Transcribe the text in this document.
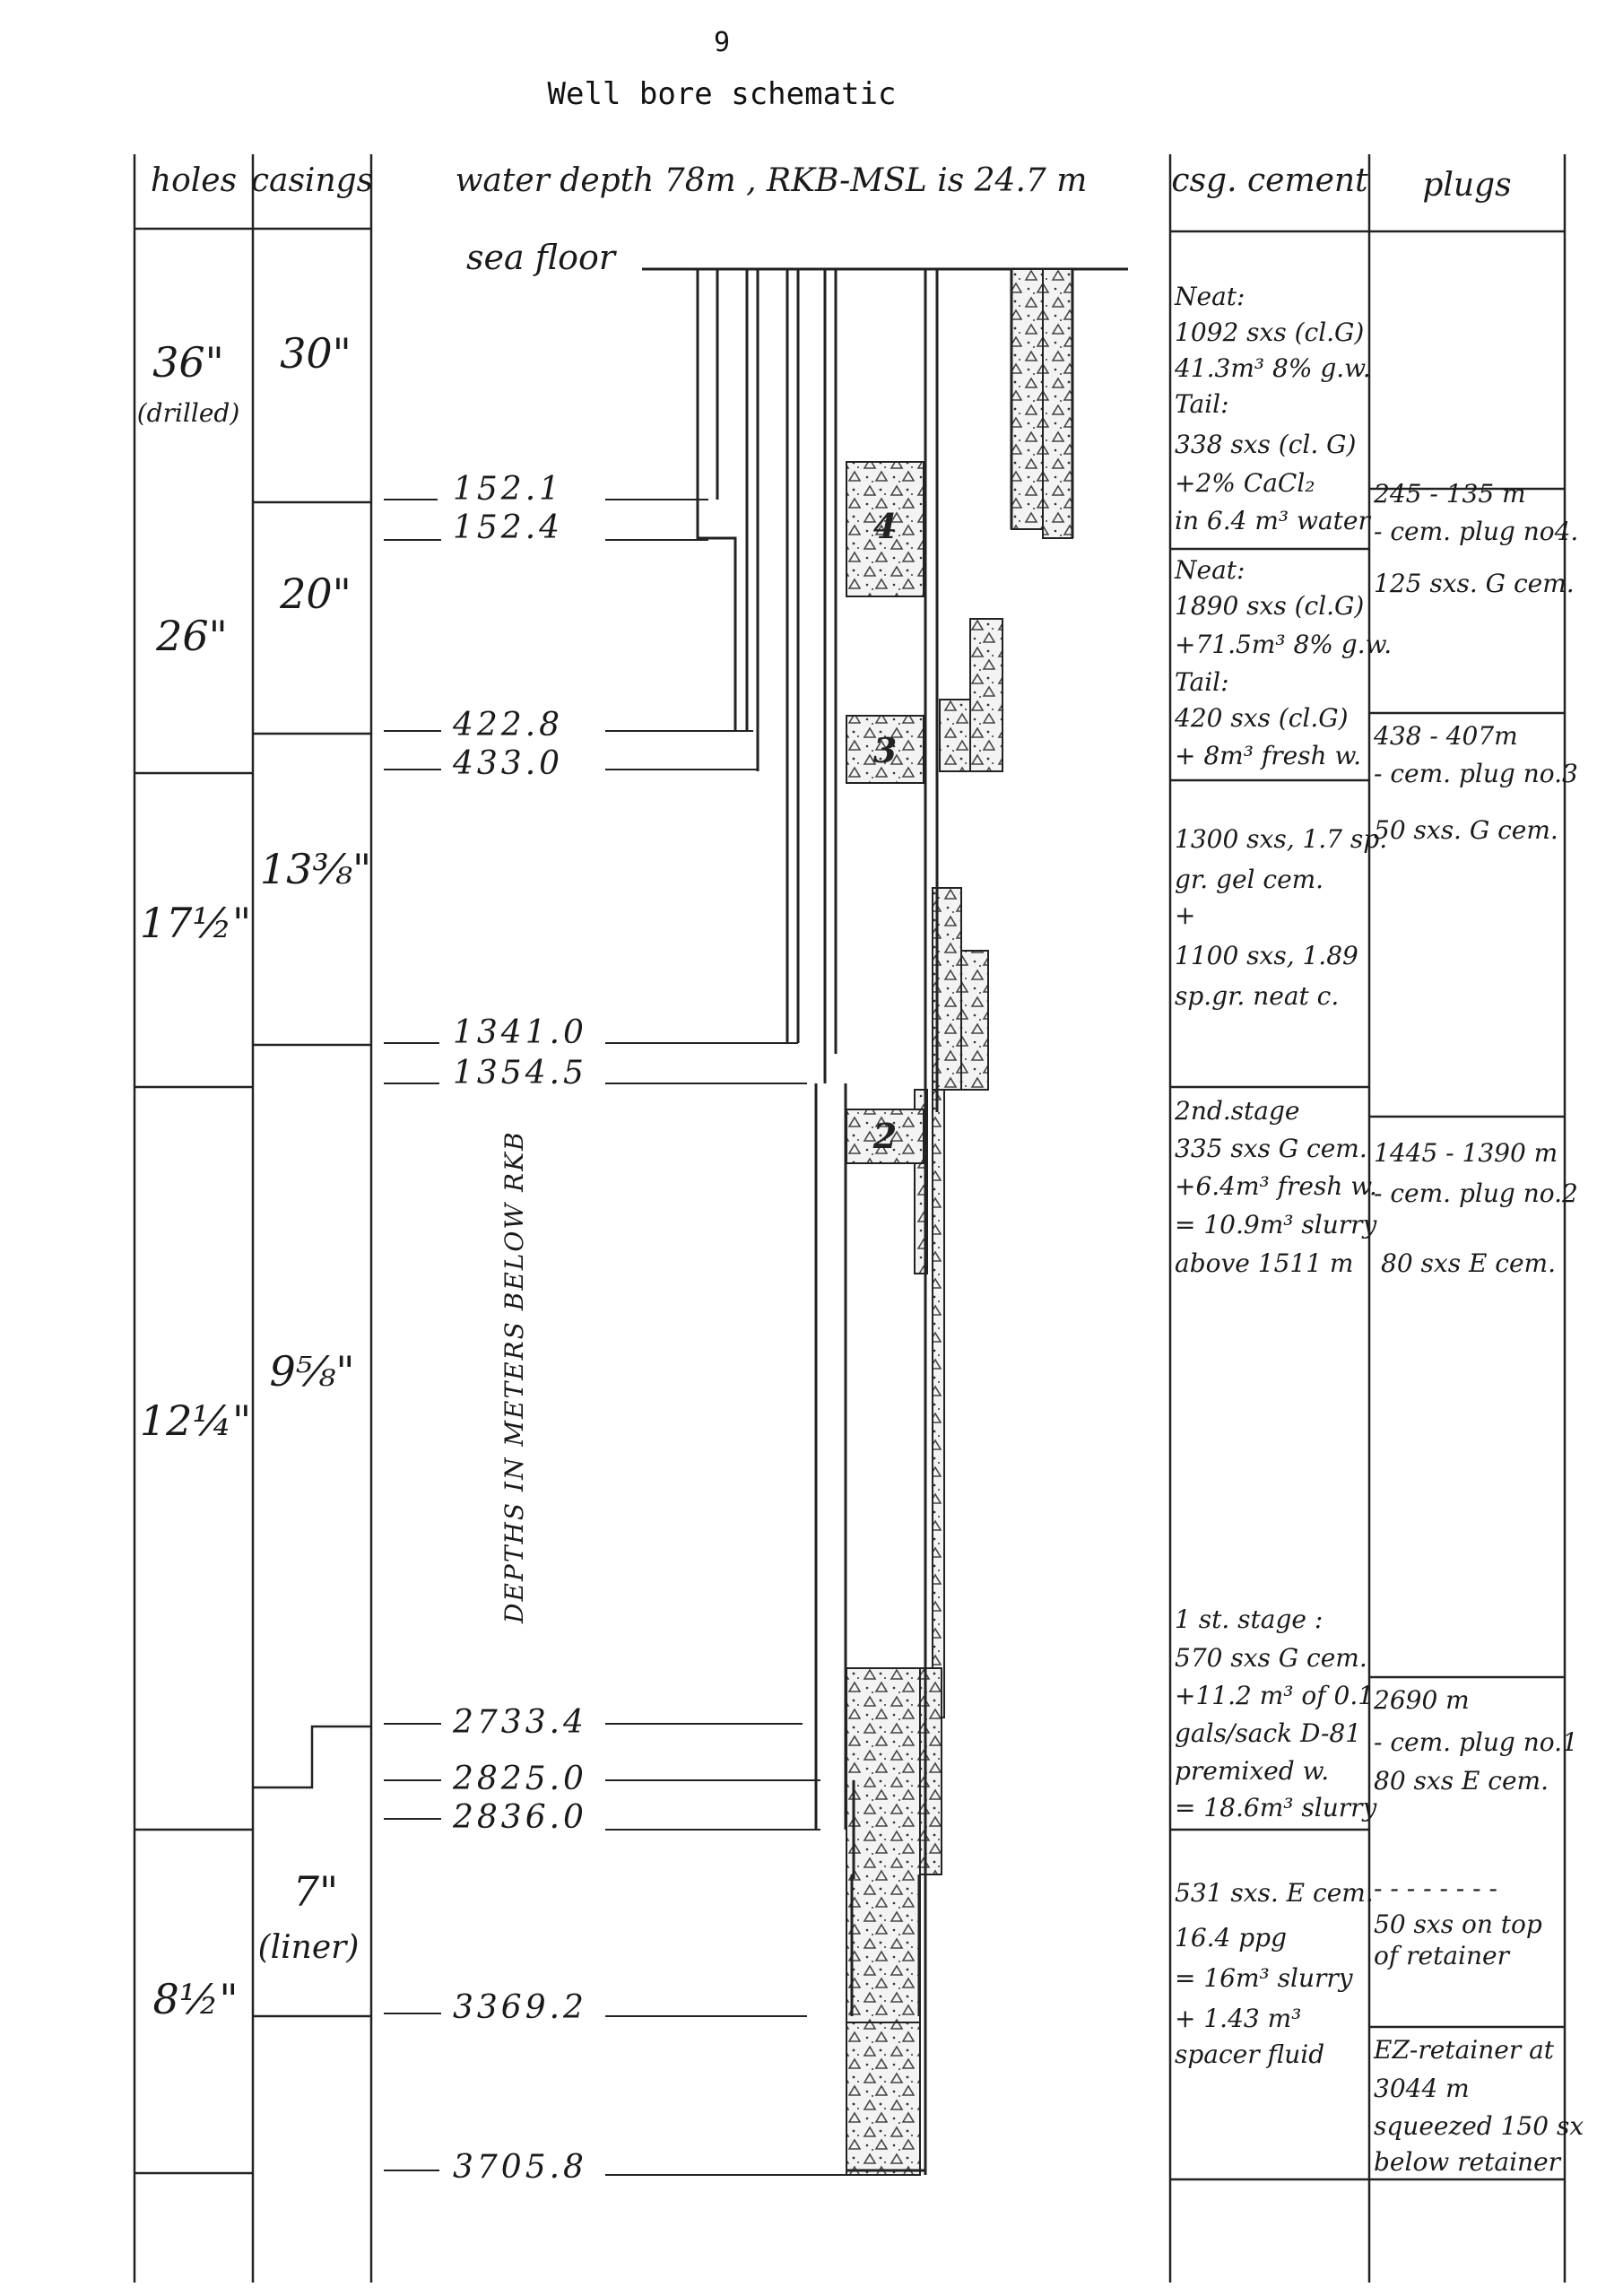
9
Well bore schematic
holes casings	water depth 78m , RKB-MSL is 24.7 m	csg. cement plugs
36"
(drilled)
26"
17½"
12¼"
8½"
30"
20"
13⅜"
9⅝"
7"
(liner)
sea floor
DEPTHS IN METERS BELOW RKB
152.1
152.4
422.8
433.0
1341.0
1354.5
2733.4
2825.0
2836.0
3369.2
3705.8
4
3
2
Neat:
1092 sxs (cl.G)
41.3m³ 8% g.w.
Tail:
338 sxs (cl. G)
+2% CaCl₂
in 6.4 m³ water
Neat:
1890 sxs (cl.G)
+71.5m³ 8% g.w.
Tail:
420 sxs (cl.G)
+ 8m³ fresh w.
1300 sxs, 1.7 sp.
gr. gel cem.
+
1100 sxs, 1.89
sp.gr. neat c.
2nd.stage
335 sxs G cem.
+6.4m³ fresh w.
= 10.9m³ slurry
above 1511 m
1 st. stage :
570 sxs G cem.
+11.2 m³ of 0.1
gals/sack D-81
premixed w.
= 18.6m³ slurry
531 sxs. E cem.
16.4 ppg
= 16m³ slurry
+ 1.43 m³
spacer fluid
245 - 135 m
- cem. plug no4.
125 sxs. G cem.
438 - 407m
- cem. plug no.3
50 sxs. G cem.
1445 - 1390 m
- cem. plug no.2
80 sxs E cem.
2690 m
- cem. plug no.1
80 sxs E cem.
- - - - - - - -
50 sxs on top
of retainer
EZ-retainer at
3044 m
squeezed 150 sx
below retainer
